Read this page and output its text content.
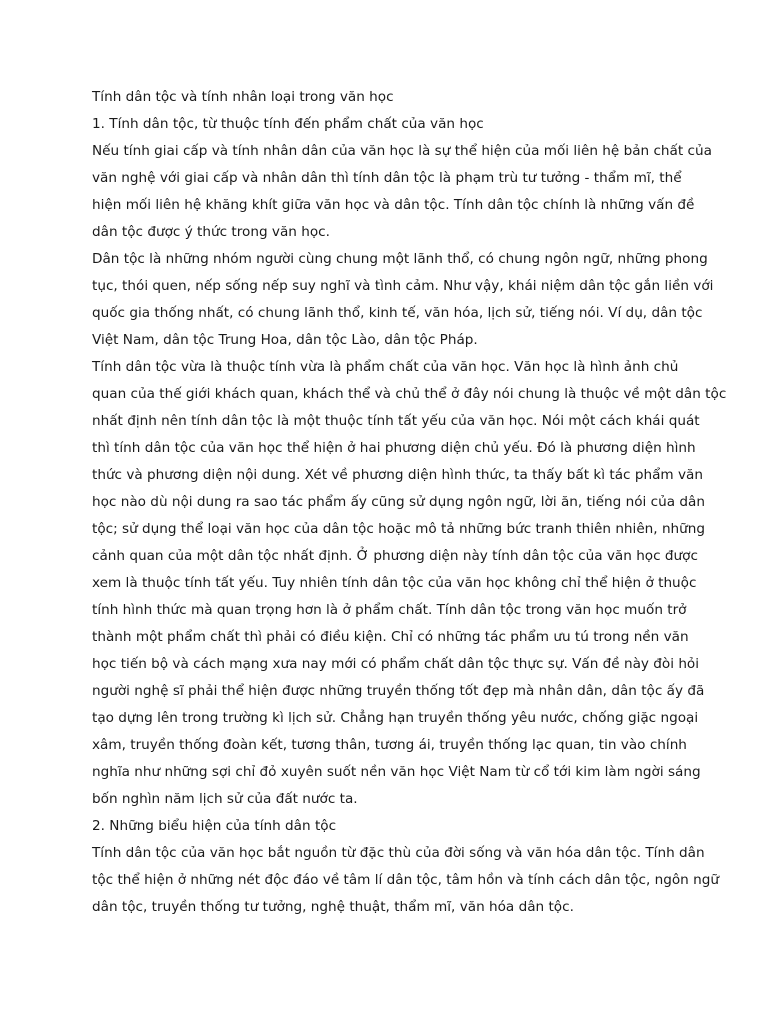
Tính dân tộc và tính nhân loại trong văn học

1. Tính dân tộc, từ thuộc tính đến phẩm chất của văn học

Nếu tính giai cấp và tính nhân dân của văn học là sự thể hiện của mối liên hệ bản chất của
văn nghệ với giai cấp và nhân dân thì tính dân tộc là phạm trù tư tưởng - thẩm mĩ, thể
hiện mối liên hệ khăng khít giữa văn học và dân tộc. Tính dân tộc chính là những vấn đề
dân tộc được ý thức trong văn học.

Dân tộc là những nhóm người cùng chung một lãnh thổ, có chung ngôn ngữ, những phong
tục, thói quen, nếp sống nếp suy nghĩ và tình cảm. Như vậy, khái niệm dân tộc gắn liền với
quốc gia thống nhất, có chung lãnh thổ, kinh tế, văn hóa, lịch sử, tiếng nói. Ví dụ, dân tộc
Việt Nam, dân tộc Trung Hoa, dân tộc Lào, dân tộc Pháp.

Tính dân tộc vừa là thuộc tính vừa là phẩm chất của văn học. Văn học là hình ảnh chủ
quan của thế giới khách quan, khách thể và chủ thể ở đây nói chung là thuộc về một dân tộc
nhất định nên tính dân tộc là một thuộc tính tất yếu của văn học. Nói một cách khái quát
thì tính dân tộc của văn học thể hiện ở hai phương diện chủ yếu. Đó là phương diện hình
thức và phương diện nội dung. Xét về phương diện hình thức, ta thấy bất kì tác phẩm văn
học nào dù nội dung ra sao tác phẩm ấy cũng sử dụng ngôn ngữ, lời ăn, tiếng nói của dân
tộc; sử dụng thể loại văn học của dân tộc hoặc mô tả những bức tranh thiên nhiên, những
cảnh quan của một dân tộc nhất định. Ở phương diện này tính dân tộc của văn học được
xem là thuộc tính tất yếu. Tuy nhiên tính dân tộc của văn học không chỉ thể hiện ở thuộc
tính hình thức mà quan trọng hơn là ở phẩm chất. Tính dân tộc trong văn học muốn trở
thành một phẩm chất thì phải có điều kiện. Chỉ có những tác phẩm ưu tú trong nền văn
học tiến bộ và cách mạng xưa nay mới có phẩm chất dân tộc thực sự. Vấn đề này đòi hỏi
người nghệ sĩ phải thể hiện được những truyền thống tốt đẹp mà nhân dân, dân tộc ấy đã
tạo dựng lên trong trường kì lịch sử. Chẳng hạn truyền thống yêu nước, chống giặc ngoại
xâm, truyền thống đoàn kết, tương thân, tương ái, truyền thống lạc quan, tin vào chính
nghĩa như những sợi chỉ đỏ xuyên suốt nền văn học Việt Nam từ cổ tới kim làm ngời sáng
bốn nghìn năm lịch sử của đất nước ta.

2. Những biểu hiện của tính dân tộc

Tính dân tộc của văn học bắt nguồn từ đặc thù của đời sống và văn hóa dân tộc. Tính dân
tộc thể hiện ở những nét độc đáo về tâm lí dân tộc, tâm hồn và tính cách dân tộc, ngôn ngữ
dân tộc, truyền thống tư tưởng, nghệ thuật, thẩm mĩ, văn hóa dân tộc.
